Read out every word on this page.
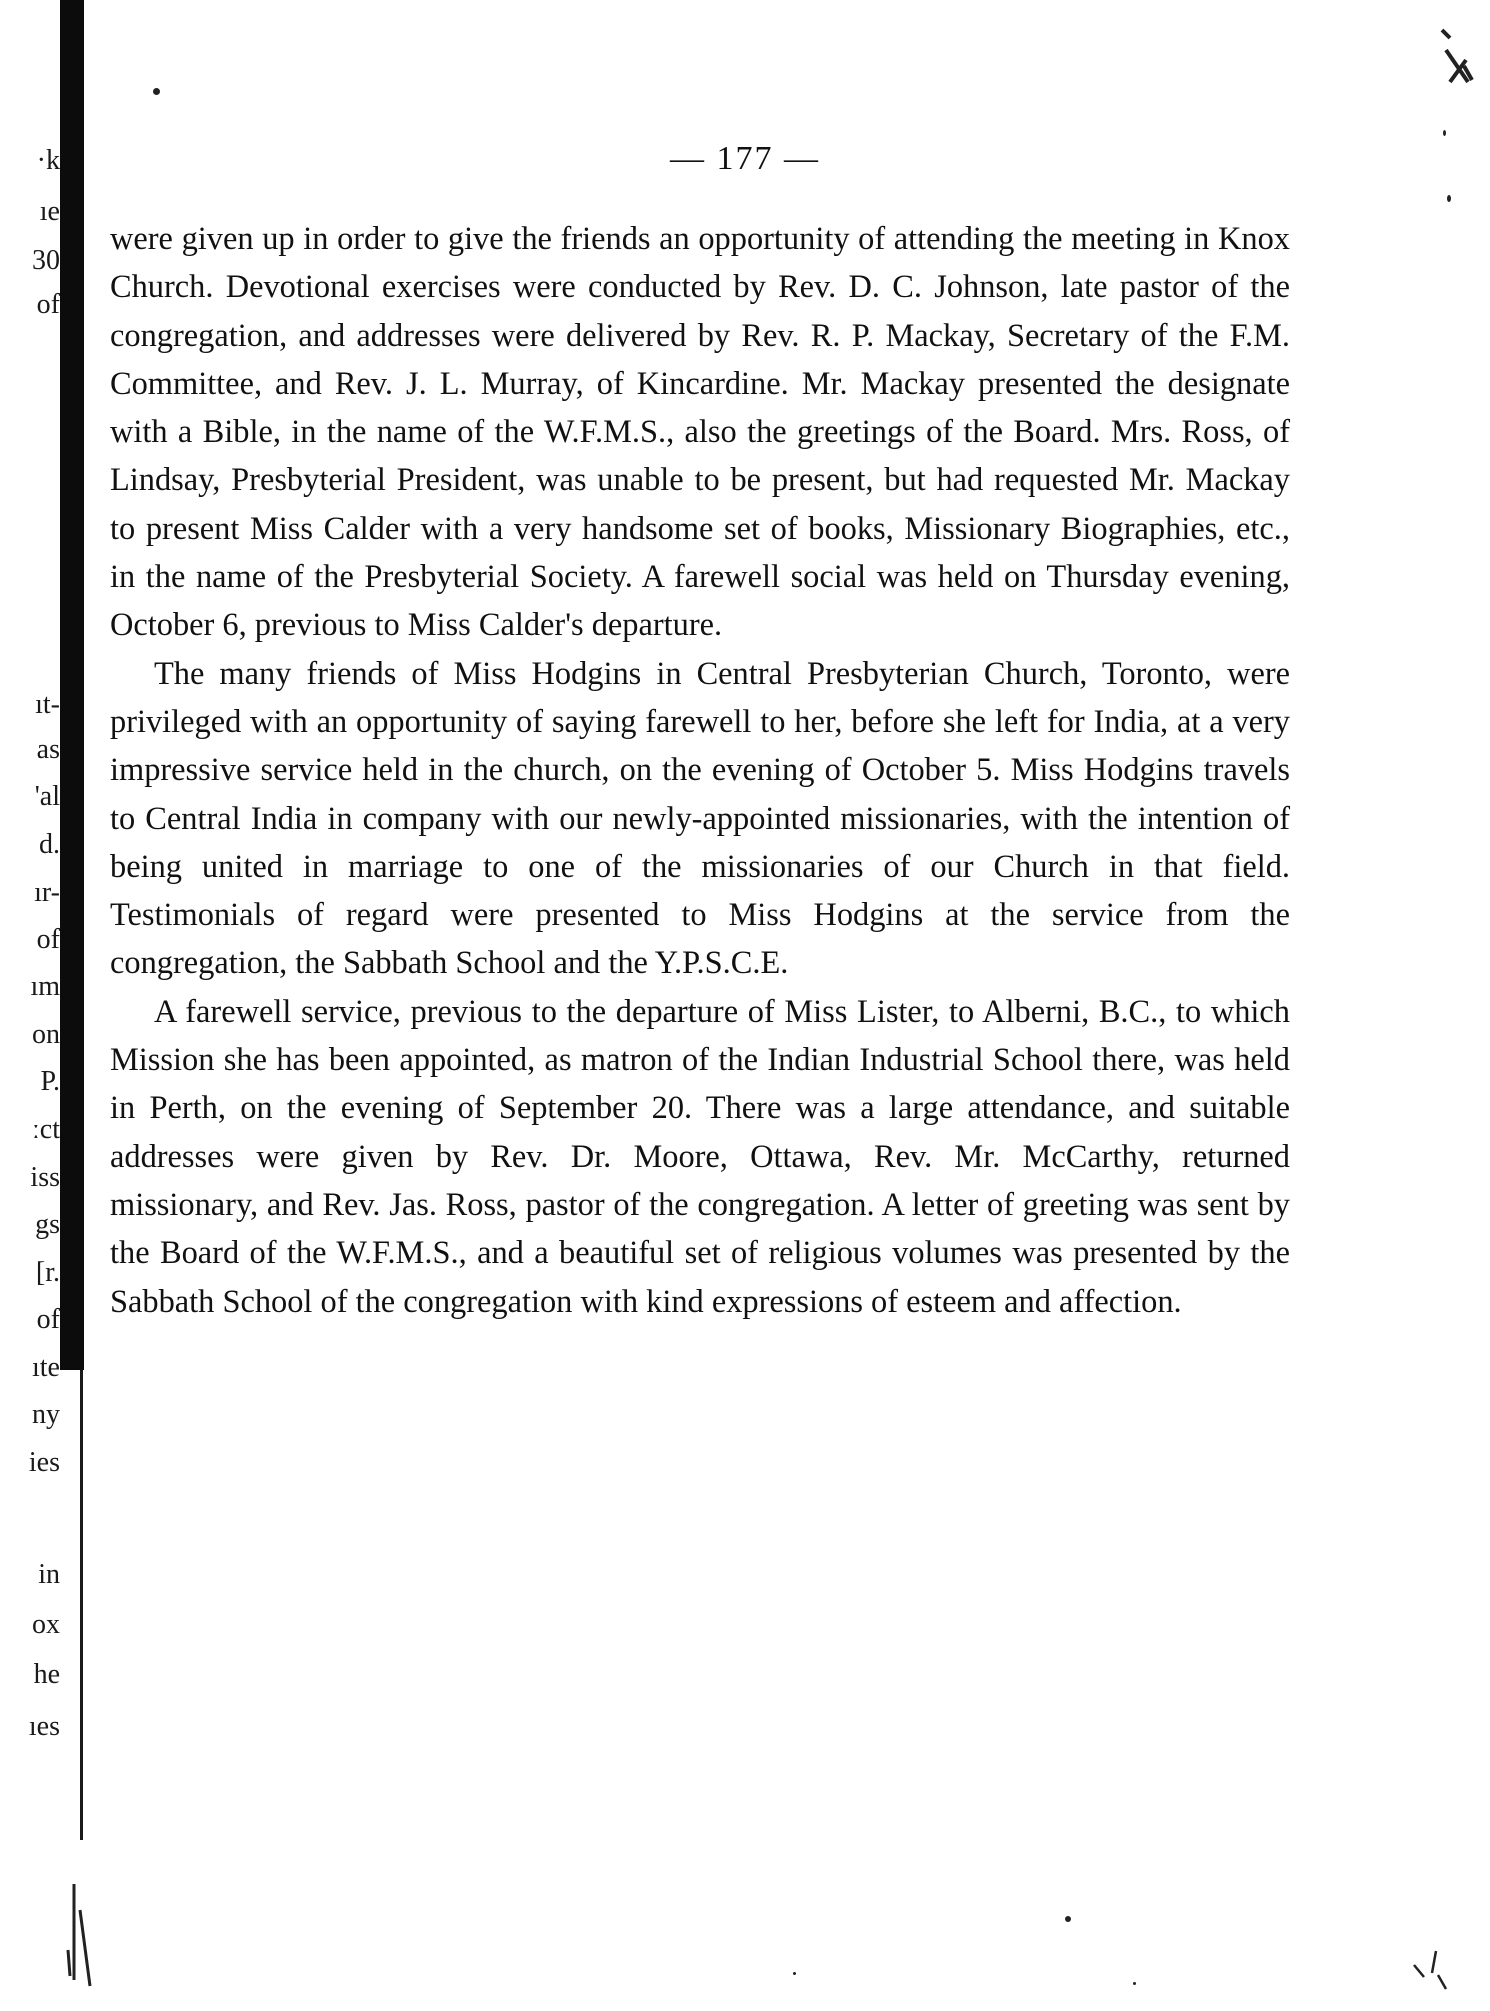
·k
ıe
30
of
ıt-
as
'al
d.
ır-
of
ım
on
P.
ːct
iss
gs
[r.
of
ıte
ny
ies
in
ox
he
ıes
— 177 —

were given up in order to give the friends an opportunity of attending the meeting in Knox Church. Devotional exercises were conducted by Rev. D. C. Johnson, late pastor of the congregation, and addresses were delivered by Rev. R. P. Mackay, Secretary of the F.M. Committee, and Rev. J. L. Murray, of Kincardine. Mr. Mackay presented the designate with a Bible, in the name of the W.F.M.S., also the greetings of the Board. Mrs. Ross, of Lindsay, Presbyterial President, was unable to be present, but had requested Mr. Mackay to present Miss Calder with a very handsome set of books, Missionary Biographies, etc., in the name of the Presbyterial Society. A farewell social was held on Thursday evening, October 6, previous to Miss Calder's departure.

The many friends of Miss Hodgins in Central Presbyterian Church, Toronto, were privileged with an opportunity of saying farewell to her, before she left for India, at a very impressive service held in the church, on the evening of October 5. Miss Hodgins travels to Central India in company with our newly-appointed missionaries, with the intention of being united in marriage to one of the missionaries of our Church in that field. Testimonials of regard were presented to Miss Hodgins at the service from the congregation, the Sabbath School and the Y.P.S.C.E.

A farewell service, previous to the departure of Miss Lister, to Alberni, B.C., to which Mission she has been appointed, as matron of the Indian Industrial School there, was held in Perth, on the evening of September 20. There was a large attendance, and suitable addresses were given by Rev. Dr. Moore, Ottawa, Rev. Mr. McCarthy, returned missionary, and Rev. Jas. Ross, pastor of the congregation. A letter of greeting was sent by the Board of the W.F.M.S., and a beautiful set of religious volumes was presented by the Sabbath School of the congregation with kind expressions of esteem and affection.
